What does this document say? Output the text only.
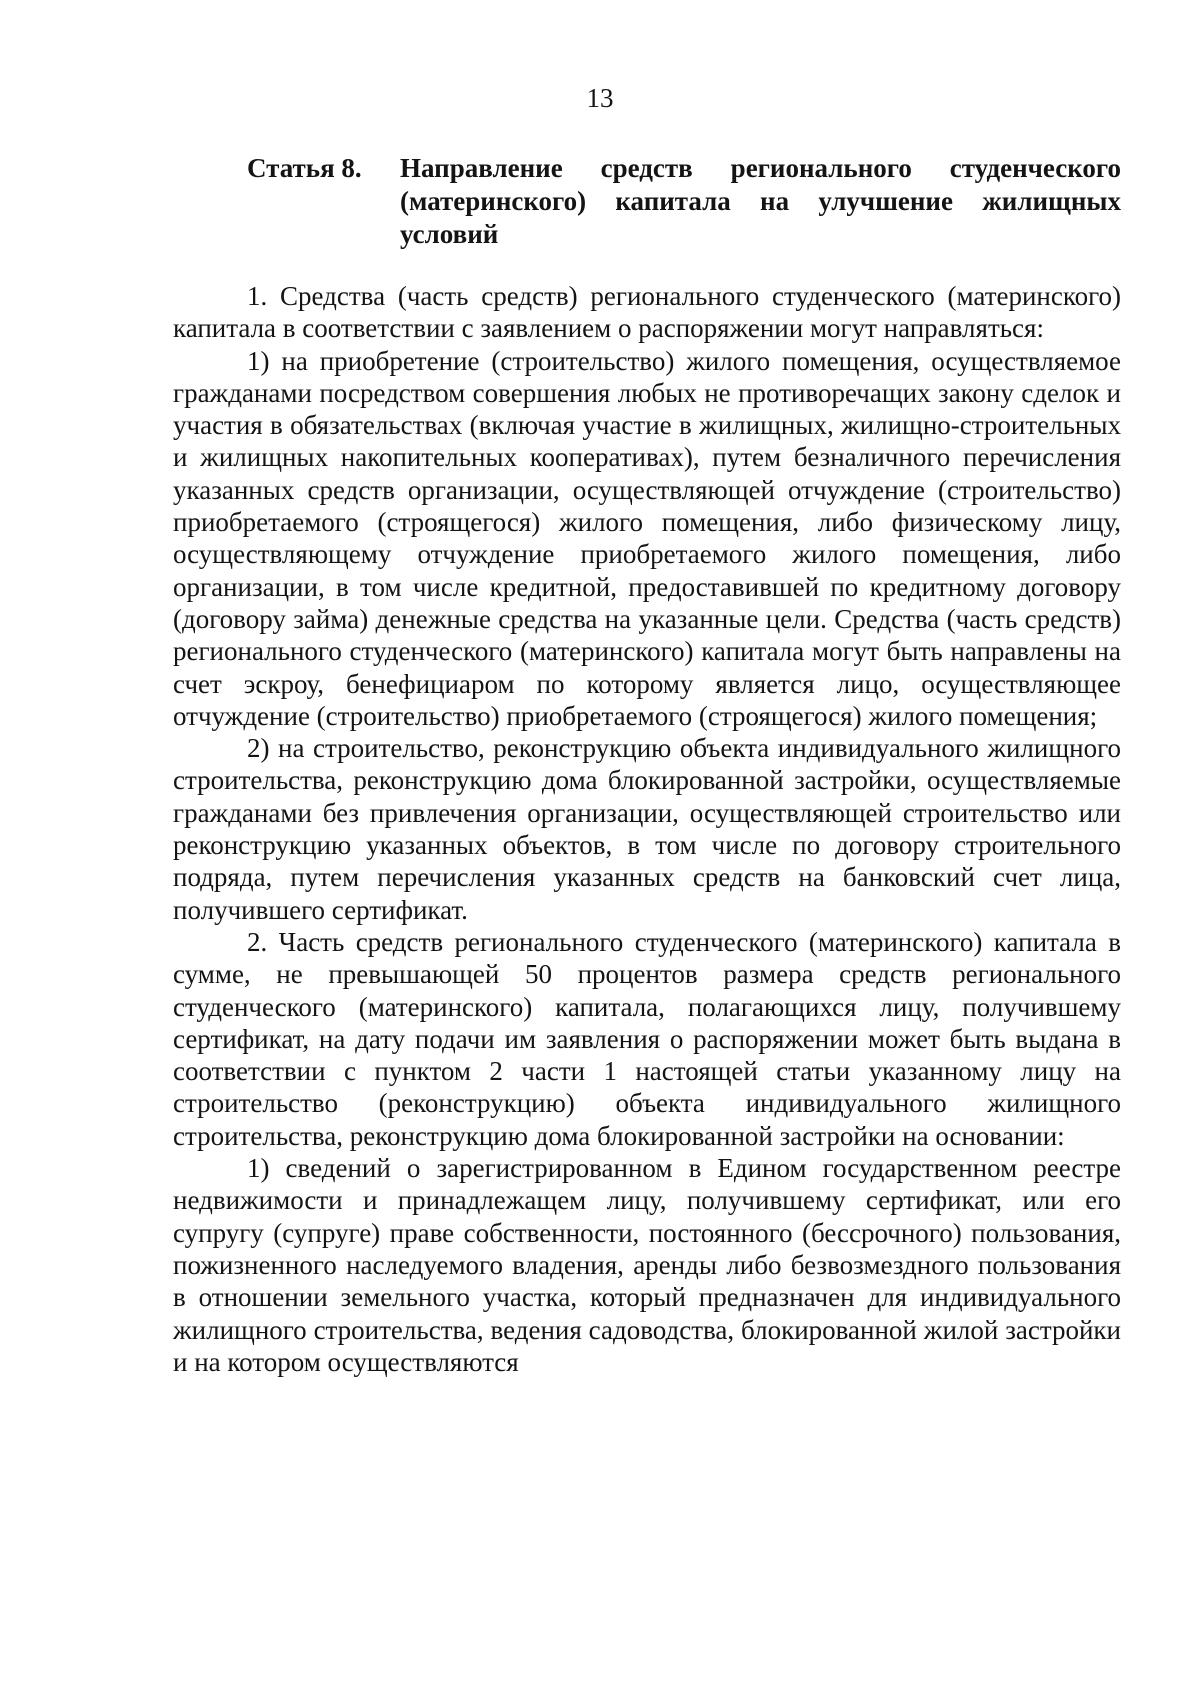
13
Статья 8.	Направление средств регионального студенческого (материнского) капитала на улучшение жилищных условий

1. Средства (часть средств) регионального студенческого (материнского) капитала в соответствии с заявлением о распоряжении могут направляться:

1) на приобретение (строительство) жилого помещения, осуществляемое гражданами посредством совершения любых не противоречащих закону сделок и участия в обязательствах (включая участие в жилищных, жилищно-строительных и жилищных накопительных кооперативах), путем безналичного перечисления указанных средств организации, осуществляющей отчуждение (строительство) приобретаемого (строящегося) жилого помещения, либо физическому лицу, осуществляющему отчуждение приобретаемого жилого помещения, либо организации, в том числе кредитной, предоставившей по кредитному договору (договору займа) денежные средства на указанные цели. Средства (часть средств) регионального студенческого (материнского) капитала могут быть направлены на счет эскроу, бенефициаром по которому является лицо, осуществляющее отчуждение (строительство) приобретаемого (строящегося) жилого помещения;

2) на строительство, реконструкцию объекта индивидуального жилищного строительства, реконструкцию дома блокированной застройки, осуществляемые гражданами без привлечения организации, осуществляющей строительство или реконструкцию указанных объектов, в том числе по договору строительного подряда, путем перечисления указанных средств на банковский счет лица, получившего сертификат.

2. Часть средств регионального студенческого (материнского) капитала в сумме, не превышающей 50 процентов размера средств регионального студенческого (материнского) капитала, полагающихся лицу, получившему сертификат, на дату подачи им заявления о распоряжении может быть выдана в соответствии с пунктом 2 части 1 настоящей статьи указанному лицу на строительство (реконструкцию) объекта индивидуального жилищного строительства, реконструкцию дома блокированной застройки на основании:

1) сведений о зарегистрированном в Едином государственном реестре недвижимости и принадлежащем лицу, получившему сертификат, или его супругу (супруге) праве собственности, постоянного (бессрочного) пользования, пожизненного наследуемого владения, аренды либо безвозмездного пользования в отношении земельного участка, который предназначен для индивидуального жилищного строительства, ведения садоводства, блокированной жилой застройки и на котором осуществляются
